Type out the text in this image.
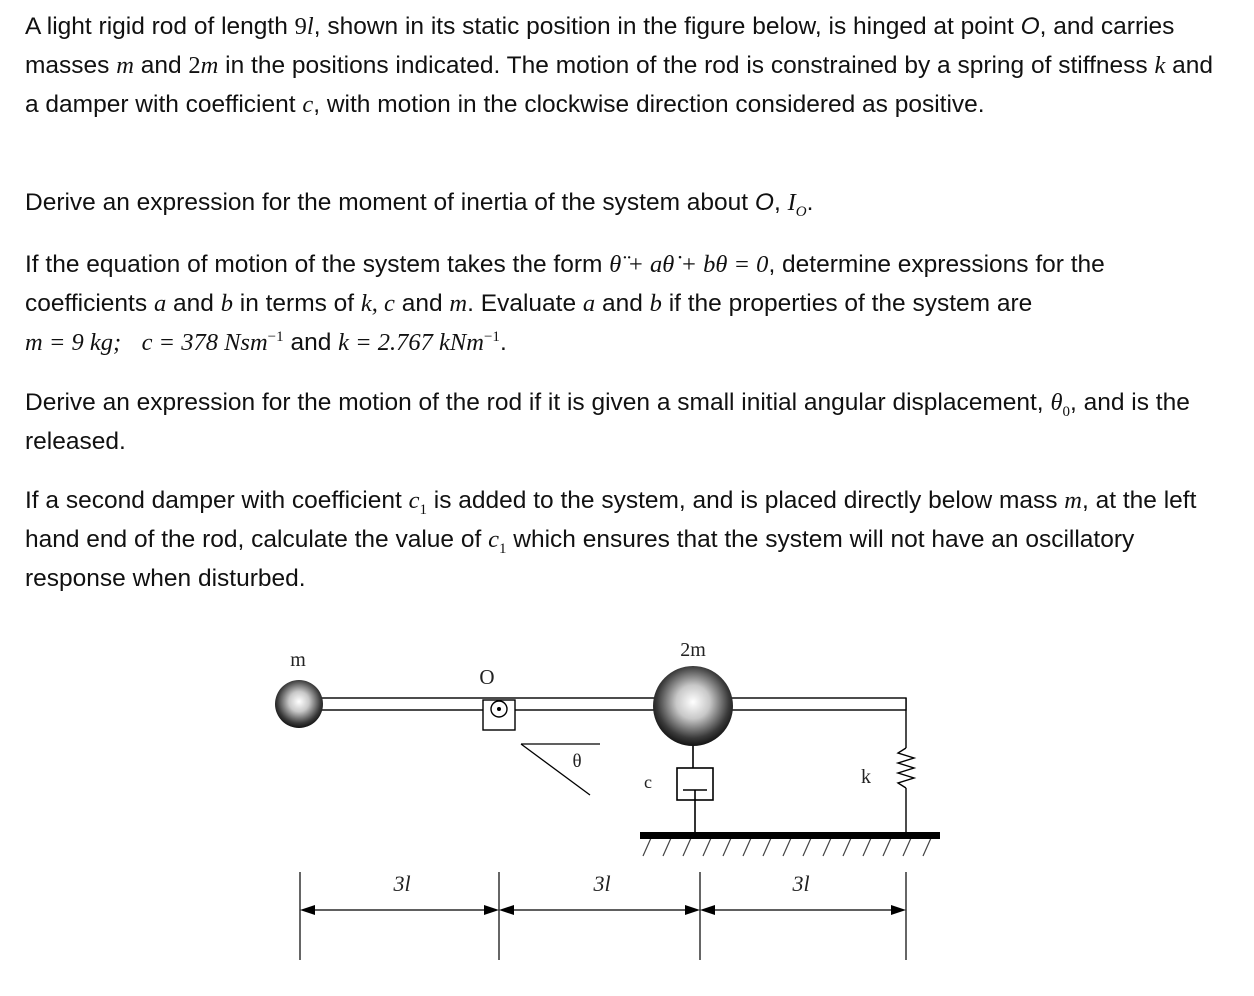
A light rigid rod of length 9l, shown in its static position in the figure below, is hinged at point O, and carries masses m and 2m in the positions indicated. The motion of the rod is constrained by a spring of stiffness k and a damper with coefficient c, with motion in the clockwise direction considered as positive.

Derive an expression for the moment of inertia of the system about O, $I_O$.

If the equation of motion of the system takes the form θ̈ + aθ̇ + bθ = 0, determine expressions for the coefficients a and b in terms of k, c and m. Evaluate a and b if the properties of the system are
m = 9 kg; c = 378 Nsm$^{-1}$ and k = 2.767 kNm$^{-1}$.

Derive an expression for the motion of the rod if it is given a small initial angular displacement, $\theta_0$, and is the released.

If a second damper with coefficient $c_1$ is added to the system, and is placed directly below mass m, at the left hand end of the rod, calculate the value of $c_1$ which ensures that the system will not have an oscillatory response when disturbed.

m
O
2m
θ
c	k
3l	3l	3l
